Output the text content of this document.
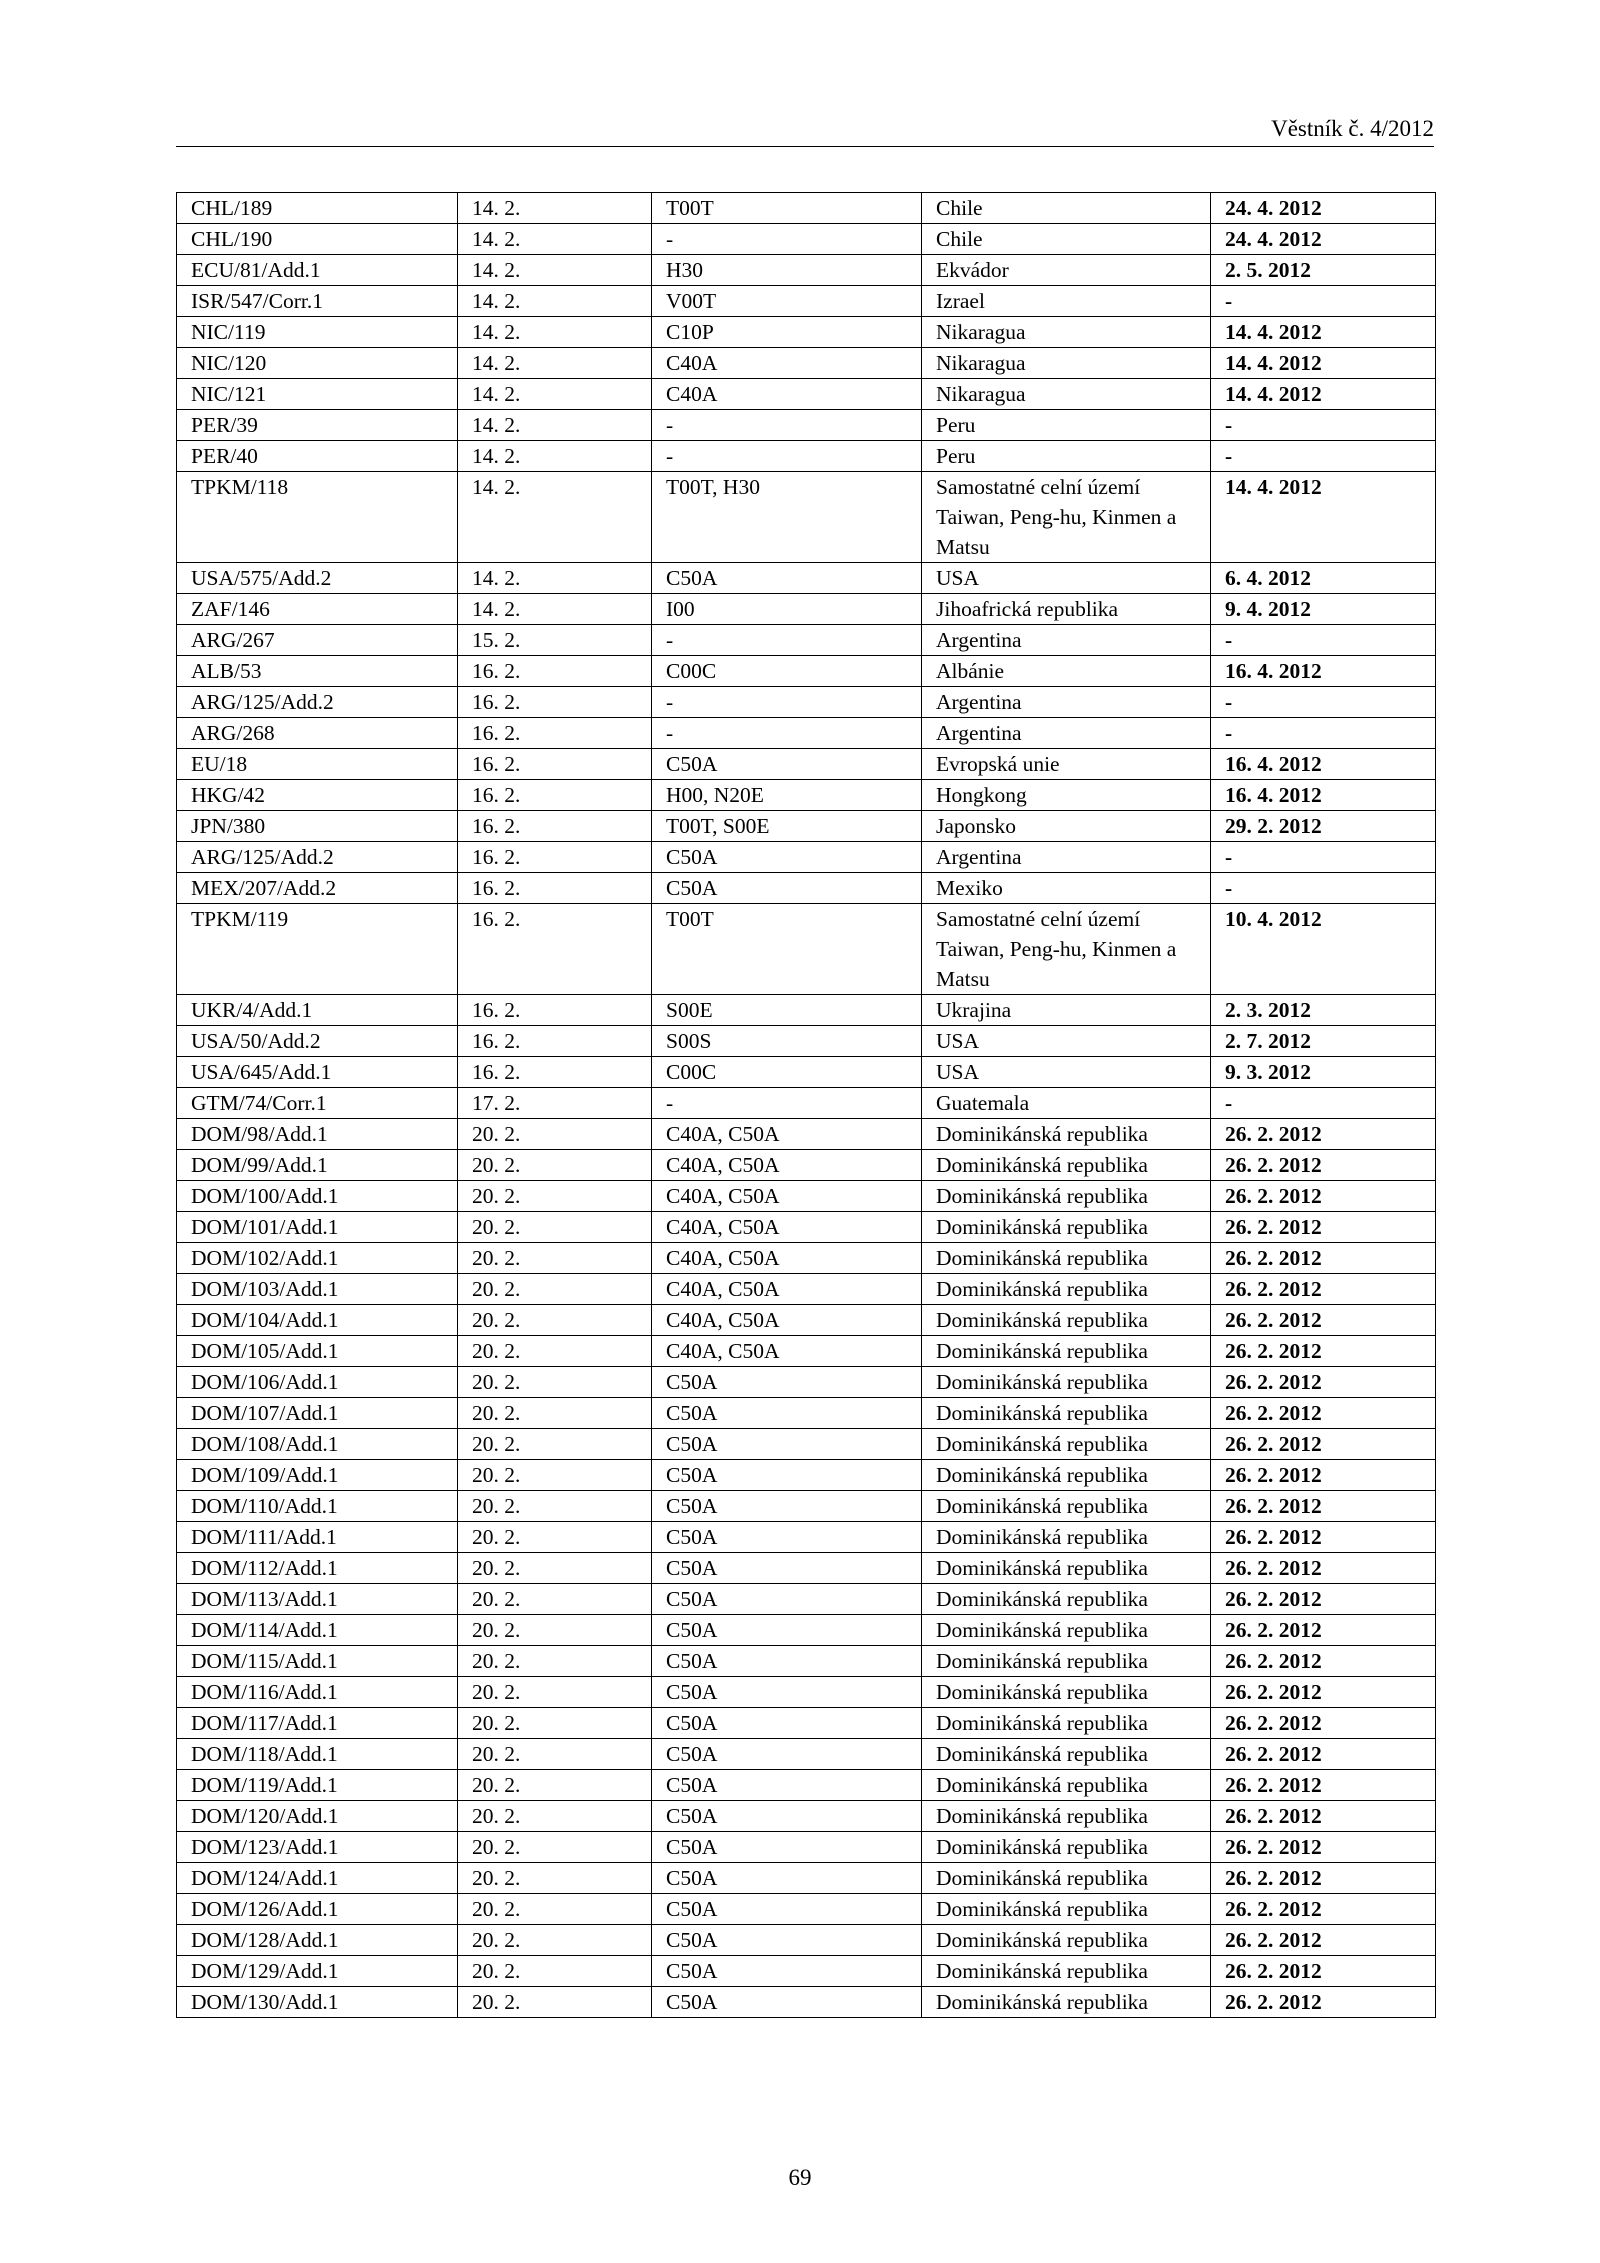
Věstník č. 4/2012
CHL/189	14. 2.	T00T	Chile	24. 4. 2012
CHL/190	14. 2.	-	Chile	24. 4. 2012
ECU/81/Add.1	14. 2.	H30	Ekvádor	2. 5. 2012
ISR/547/Corr.1	14. 2.	V00T	Izrael	-
NIC/119	14. 2.	C10P	Nikaragua	14. 4. 2012
NIC/120	14. 2.	C40A	Nikaragua	14. 4. 2012
NIC/121	14. 2.	C40A	Nikaragua	14. 4. 2012
PER/39	14. 2.	-	Peru	-
PER/40	14. 2.	-	Peru	-
TPKM/118	14. 2.	T00T, H30	Samostatné celní území Taiwan, Peng-hu, Kinmen a Matsu	14. 4. 2012
USA/575/Add.2	14. 2.	C50A	USA	6. 4. 2012
ZAF/146	14. 2.	I00	Jihoafrická republika	9. 4. 2012
ARG/267	15. 2.	-	Argentina	-
ALB/53	16. 2.	C00C	Albánie	16. 4. 2012
ARG/125/Add.2	16. 2.	-	Argentina	-
ARG/268	16. 2.	-	Argentina	-
EU/18	16. 2.	C50A	Evropská unie	16. 4. 2012
HKG/42	16. 2.	H00, N20E	Hongkong	16. 4. 2012
JPN/380	16. 2.	T00T, S00E	Japonsko	29. 2. 2012
ARG/125/Add.2	16. 2.	C50A	Argentina	-
MEX/207/Add.2	16. 2.	C50A	Mexiko	-
TPKM/119	16. 2.	T00T	Samostatné celní území Taiwan, Peng-hu, Kinmen a Matsu	10. 4. 2012
UKR/4/Add.1	16. 2.	S00E	Ukrajina	2. 3. 2012
USA/50/Add.2	16. 2.	S00S	USA	2. 7. 2012
USA/645/Add.1	16. 2.	C00C	USA	9. 3. 2012
GTM/74/Corr.1	17. 2.	-	Guatemala	-
DOM/98/Add.1	20. 2.	C40A, C50A	Dominikánská republika	26. 2. 2012
DOM/99/Add.1	20. 2.	C40A, C50A	Dominikánská republika	26. 2. 2012
DOM/100/Add.1	20. 2.	C40A, C50A	Dominikánská republika	26. 2. 2012
DOM/101/Add.1	20. 2.	C40A, C50A	Dominikánská republika	26. 2. 2012
DOM/102/Add.1	20. 2.	C40A, C50A	Dominikánská republika	26. 2. 2012
DOM/103/Add.1	20. 2.	C40A, C50A	Dominikánská republika	26. 2. 2012
DOM/104/Add.1	20. 2.	C40A, C50A	Dominikánská republika	26. 2. 2012
DOM/105/Add.1	20. 2.	C40A, C50A	Dominikánská republika	26. 2. 2012
DOM/106/Add.1	20. 2.	C50A	Dominikánská republika	26. 2. 2012
DOM/107/Add.1	20. 2.	C50A	Dominikánská republika	26. 2. 2012
DOM/108/Add.1	20. 2.	C50A	Dominikánská republika	26. 2. 2012
DOM/109/Add.1	20. 2.	C50A	Dominikánská republika	26. 2. 2012
DOM/110/Add.1	20. 2.	C50A	Dominikánská republika	26. 2. 2012
DOM/111/Add.1	20. 2.	C50A	Dominikánská republika	26. 2. 2012
DOM/112/Add.1	20. 2.	C50A	Dominikánská republika	26. 2. 2012
DOM/113/Add.1	20. 2.	C50A	Dominikánská republika	26. 2. 2012
DOM/114/Add.1	20. 2.	C50A	Dominikánská republika	26. 2. 2012
DOM/115/Add.1	20. 2.	C50A	Dominikánská republika	26. 2. 2012
DOM/116/Add.1	20. 2.	C50A	Dominikánská republika	26. 2. 2012
DOM/117/Add.1	20. 2.	C50A	Dominikánská republika	26. 2. 2012
DOM/118/Add.1	20. 2.	C50A	Dominikánská republika	26. 2. 2012
DOM/119/Add.1	20. 2.	C50A	Dominikánská republika	26. 2. 2012
DOM/120/Add.1	20. 2.	C50A	Dominikánská republika	26. 2. 2012
DOM/123/Add.1	20. 2.	C50A	Dominikánská republika	26. 2. 2012
DOM/124/Add.1	20. 2.	C50A	Dominikánská republika	26. 2. 2012
DOM/126/Add.1	20. 2.	C50A	Dominikánská republika	26. 2. 2012
DOM/128/Add.1	20. 2.	C50A	Dominikánská republika	26. 2. 2012
DOM/129/Add.1	20. 2.	C50A	Dominikánská republika	26. 2. 2012
DOM/130/Add.1	20. 2.	C50A	Dominikánská republika	26. 2. 2012
69
